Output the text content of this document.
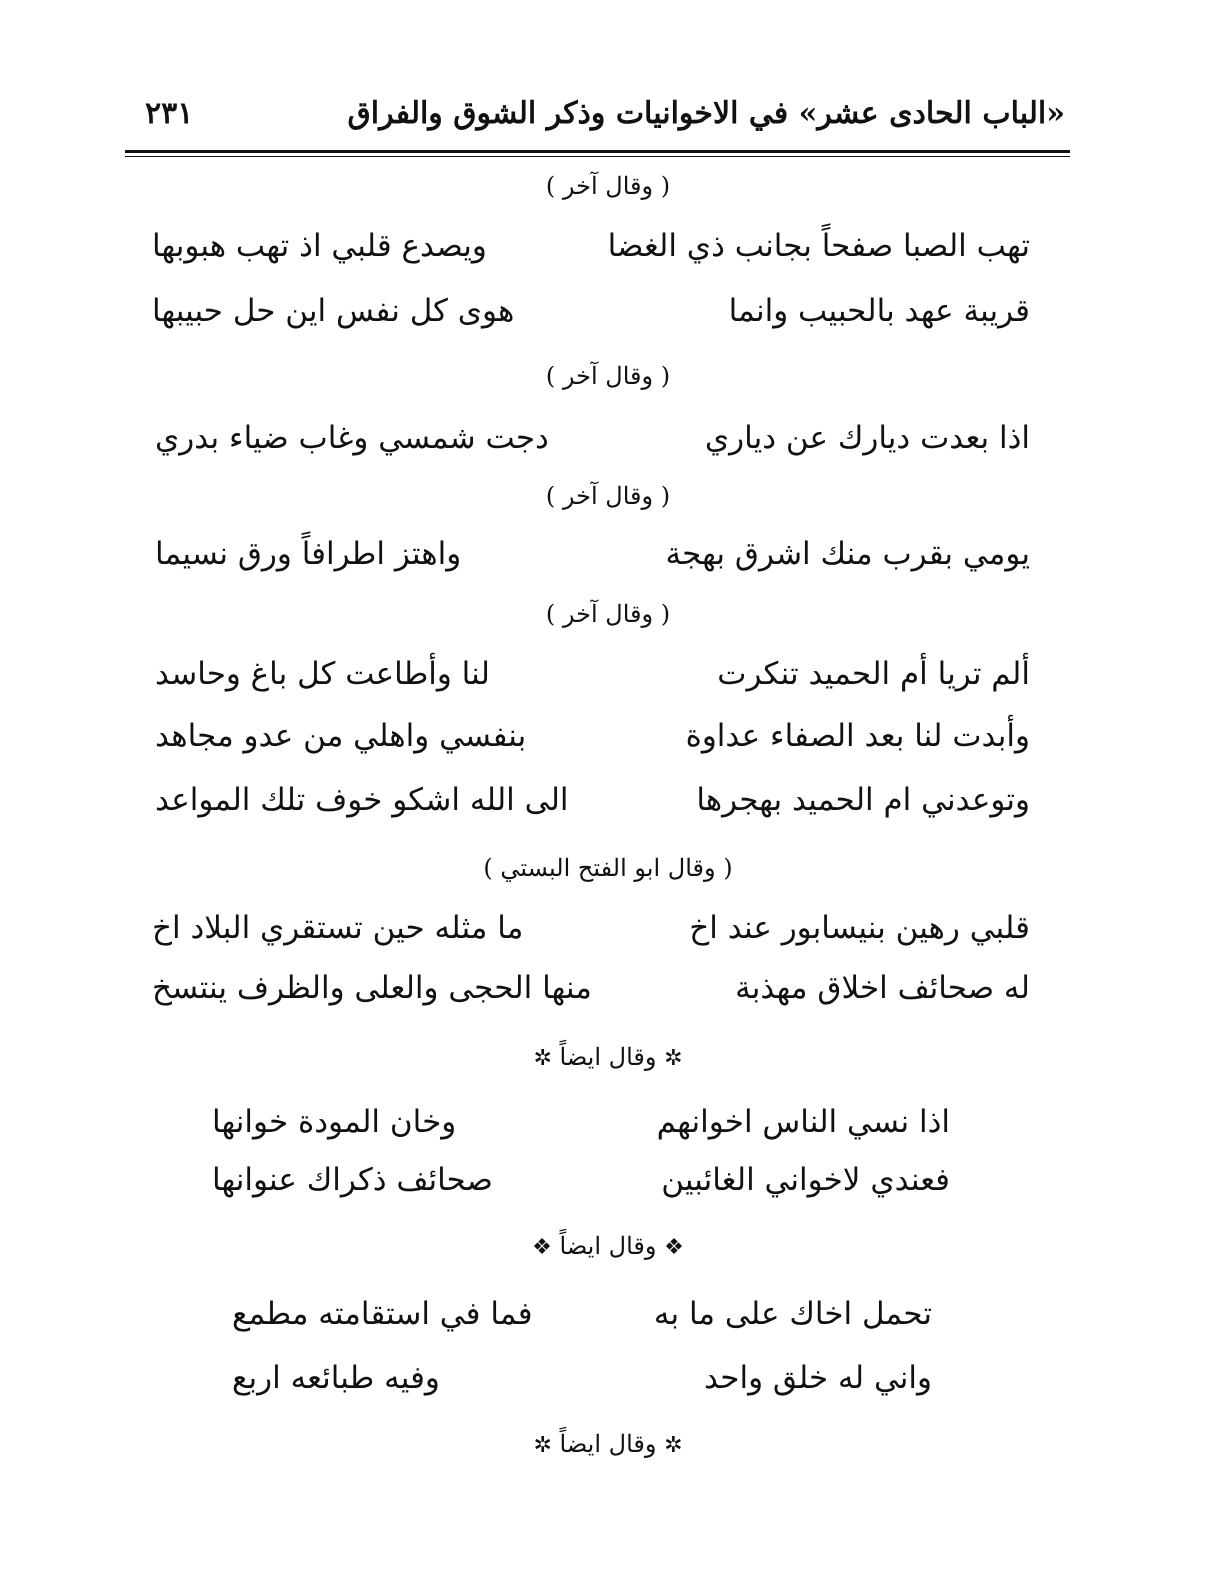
«الباب الحادى عشر» في الاخوانيات وذكر الشوق والفراق
٢٣١
( وقال آخر )
تهب الصبا صفحاً بجانب ذي الغضا
ويصدع قلبي اذ تهب هبوبها
قريبة عهد بالحبيب وانما
هوى كل نفس اين حل حبيبها
( وقال آخر )
اذا بعدت ديارك عن دياري
دجت شمسي وغاب ضياء بدري
( وقال آخر )
يومي بقرب منك اشرق بهجة
واهتز اطرافاً ورق نسيما
( وقال آخر )
ألم تريا أم الحميد تنكرت
لنا وأطاعت كل باغ وحاسد
وأبدت لنا بعد الصفاء عداوة
بنفسي واهلي من عدو مجاهد
وتوعدني ام الحميد بهجرها
الى الله اشكو خوف تلك المواعد
( وقال ابو الفتح البستي )
قلبي رهين بنيسابور عند اخ
ما مثله حين تستقري البلاد اخ
له صحائف اخلاق مهذبة
منها الحجى والعلى والظرف ينتسخ
✲ وقال ايضاً ✲
اذا نسي الناس اخوانهم
وخان المودة خوانها
فعندي لاخواني الغائبين
صحائف ذكراك عنوانها
❖ وقال ايضاً ❖
تحمل اخاك على ما به
فما في استقامته مطمع
واني له خلق واحد
وفيه طبائعه اربع
✲ وقال ايضاً ✲
